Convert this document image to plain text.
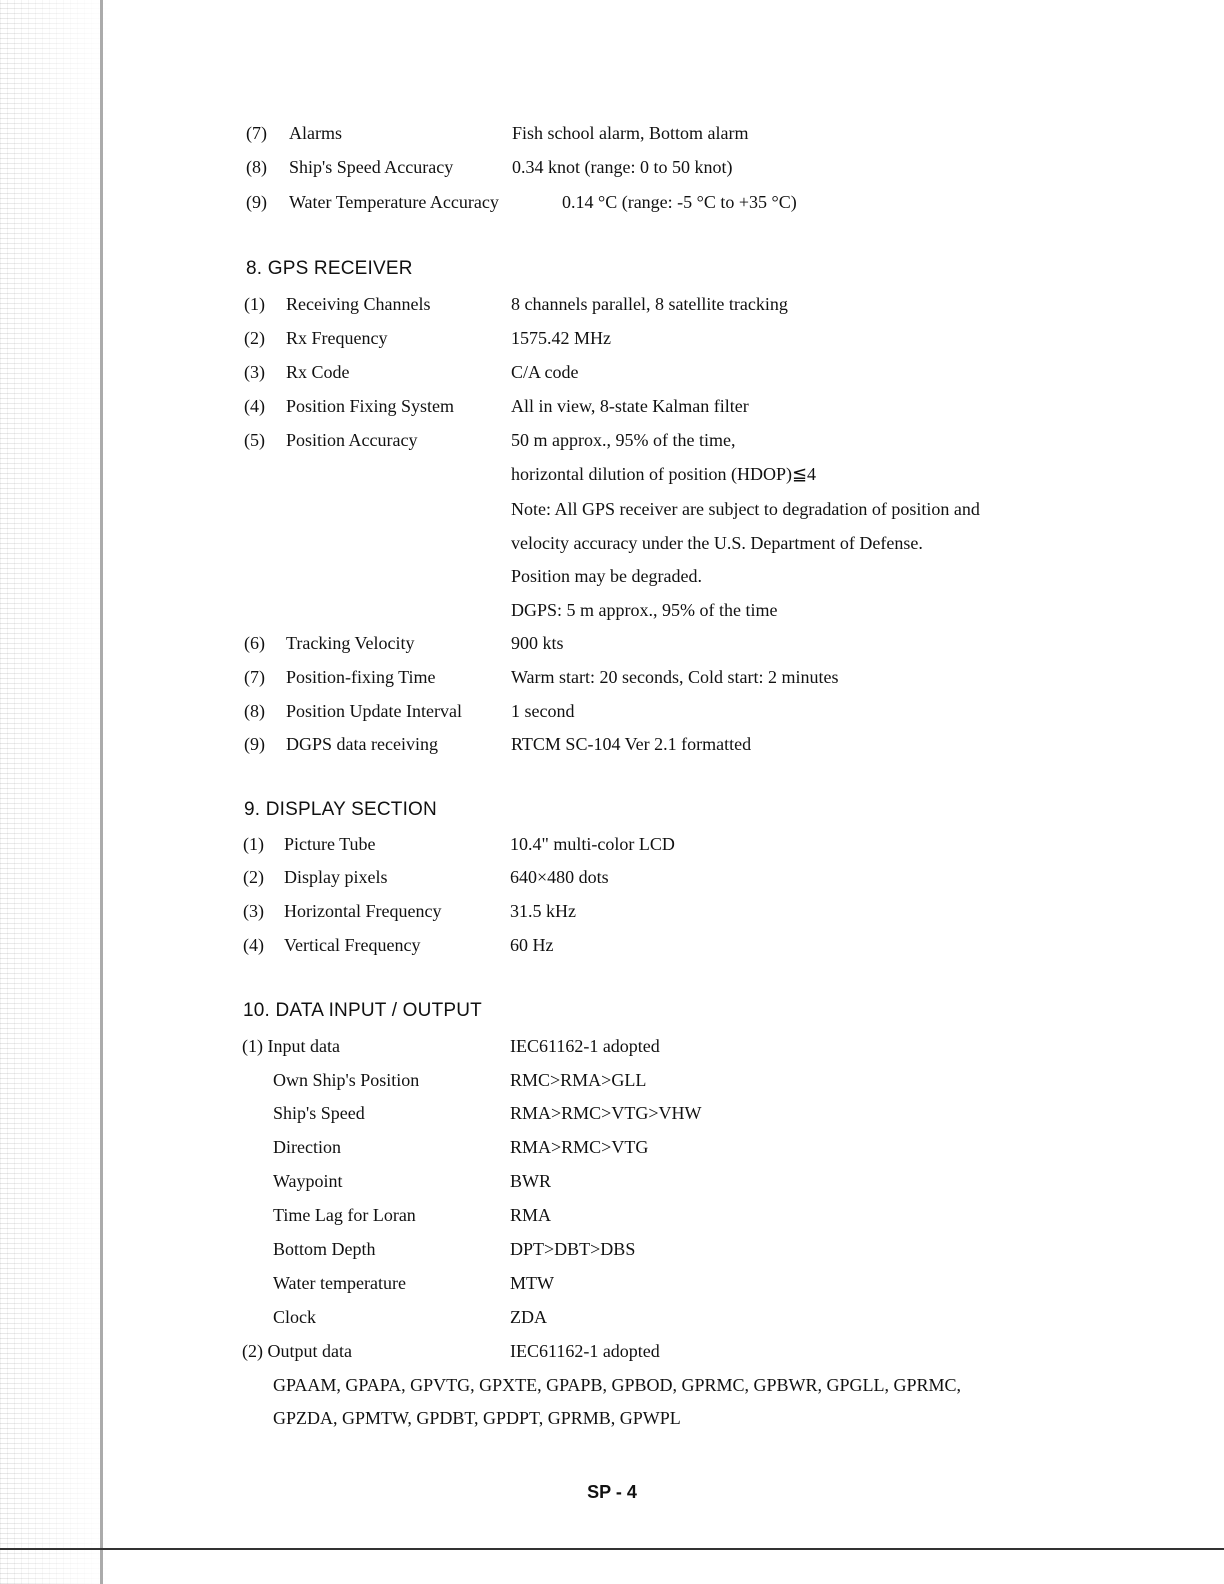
(7) Alarms	Fish school alarm, Bottom alarm
(8) Ship's Speed Accuracy	0.34 knot (range: 0 to 50 knot)
(9) Water Temperature Accuracy	0.14 °C (range: -5 °C to +35 °C)
8. GPS RECEIVER
(1) Receiving Channels	8 channels parallel, 8 satellite tracking
(2) Rx Frequency	1575.42 MHz
(3) Rx Code	C/A code
(4) Position Fixing System	All in view, 8-state Kalman filter
(5) Position Accuracy	50 m approx., 95% of the time,
horizontal dilution of position (HDOP)≦4
Note: All GPS receiver are subject to degradation of position and
velocity accuracy under the U.S. Department of Defense.
Position may be degraded.
DGPS: 5 m approx., 95% of the time
(6) Tracking Velocity	900 kts
(7) Position-fixing Time	Warm start: 20 seconds, Cold start: 2 minutes
(8) Position Update Interval	1 second
(9) DGPS data receiving	RTCM SC-104 Ver 2.1 formatted
9. DISPLAY SECTION
(1) Picture Tube	10.4" multi-color LCD
(2) Display pixels	640×480 dots
(3) Horizontal Frequency	31.5 kHz
(4) Vertical Frequency	60 Hz
10. DATA INPUT / OUTPUT
(1) Input data	IEC61162-1 adopted
Own Ship's Position	RMC>RMA>GLL
Ship's Speed	RMA>RMC>VTG>VHW
Direction	RMA>RMC>VTG
Waypoint	BWR
Time Lag for Loran	RMA
Bottom Depth	DPT>DBT>DBS
Water temperature	MTW
Clock	ZDA
(2) Output data	IEC61162-1 adopted
GPAAM, GPAPA, GPVTG, GPXTE, GPAPB, GPBOD, GPRMC, GPBWR, GPGLL, GPRMC,
GPZDA, GPMTW, GPDBT, GPDPT, GPRMB, GPWPL
SP - 4
